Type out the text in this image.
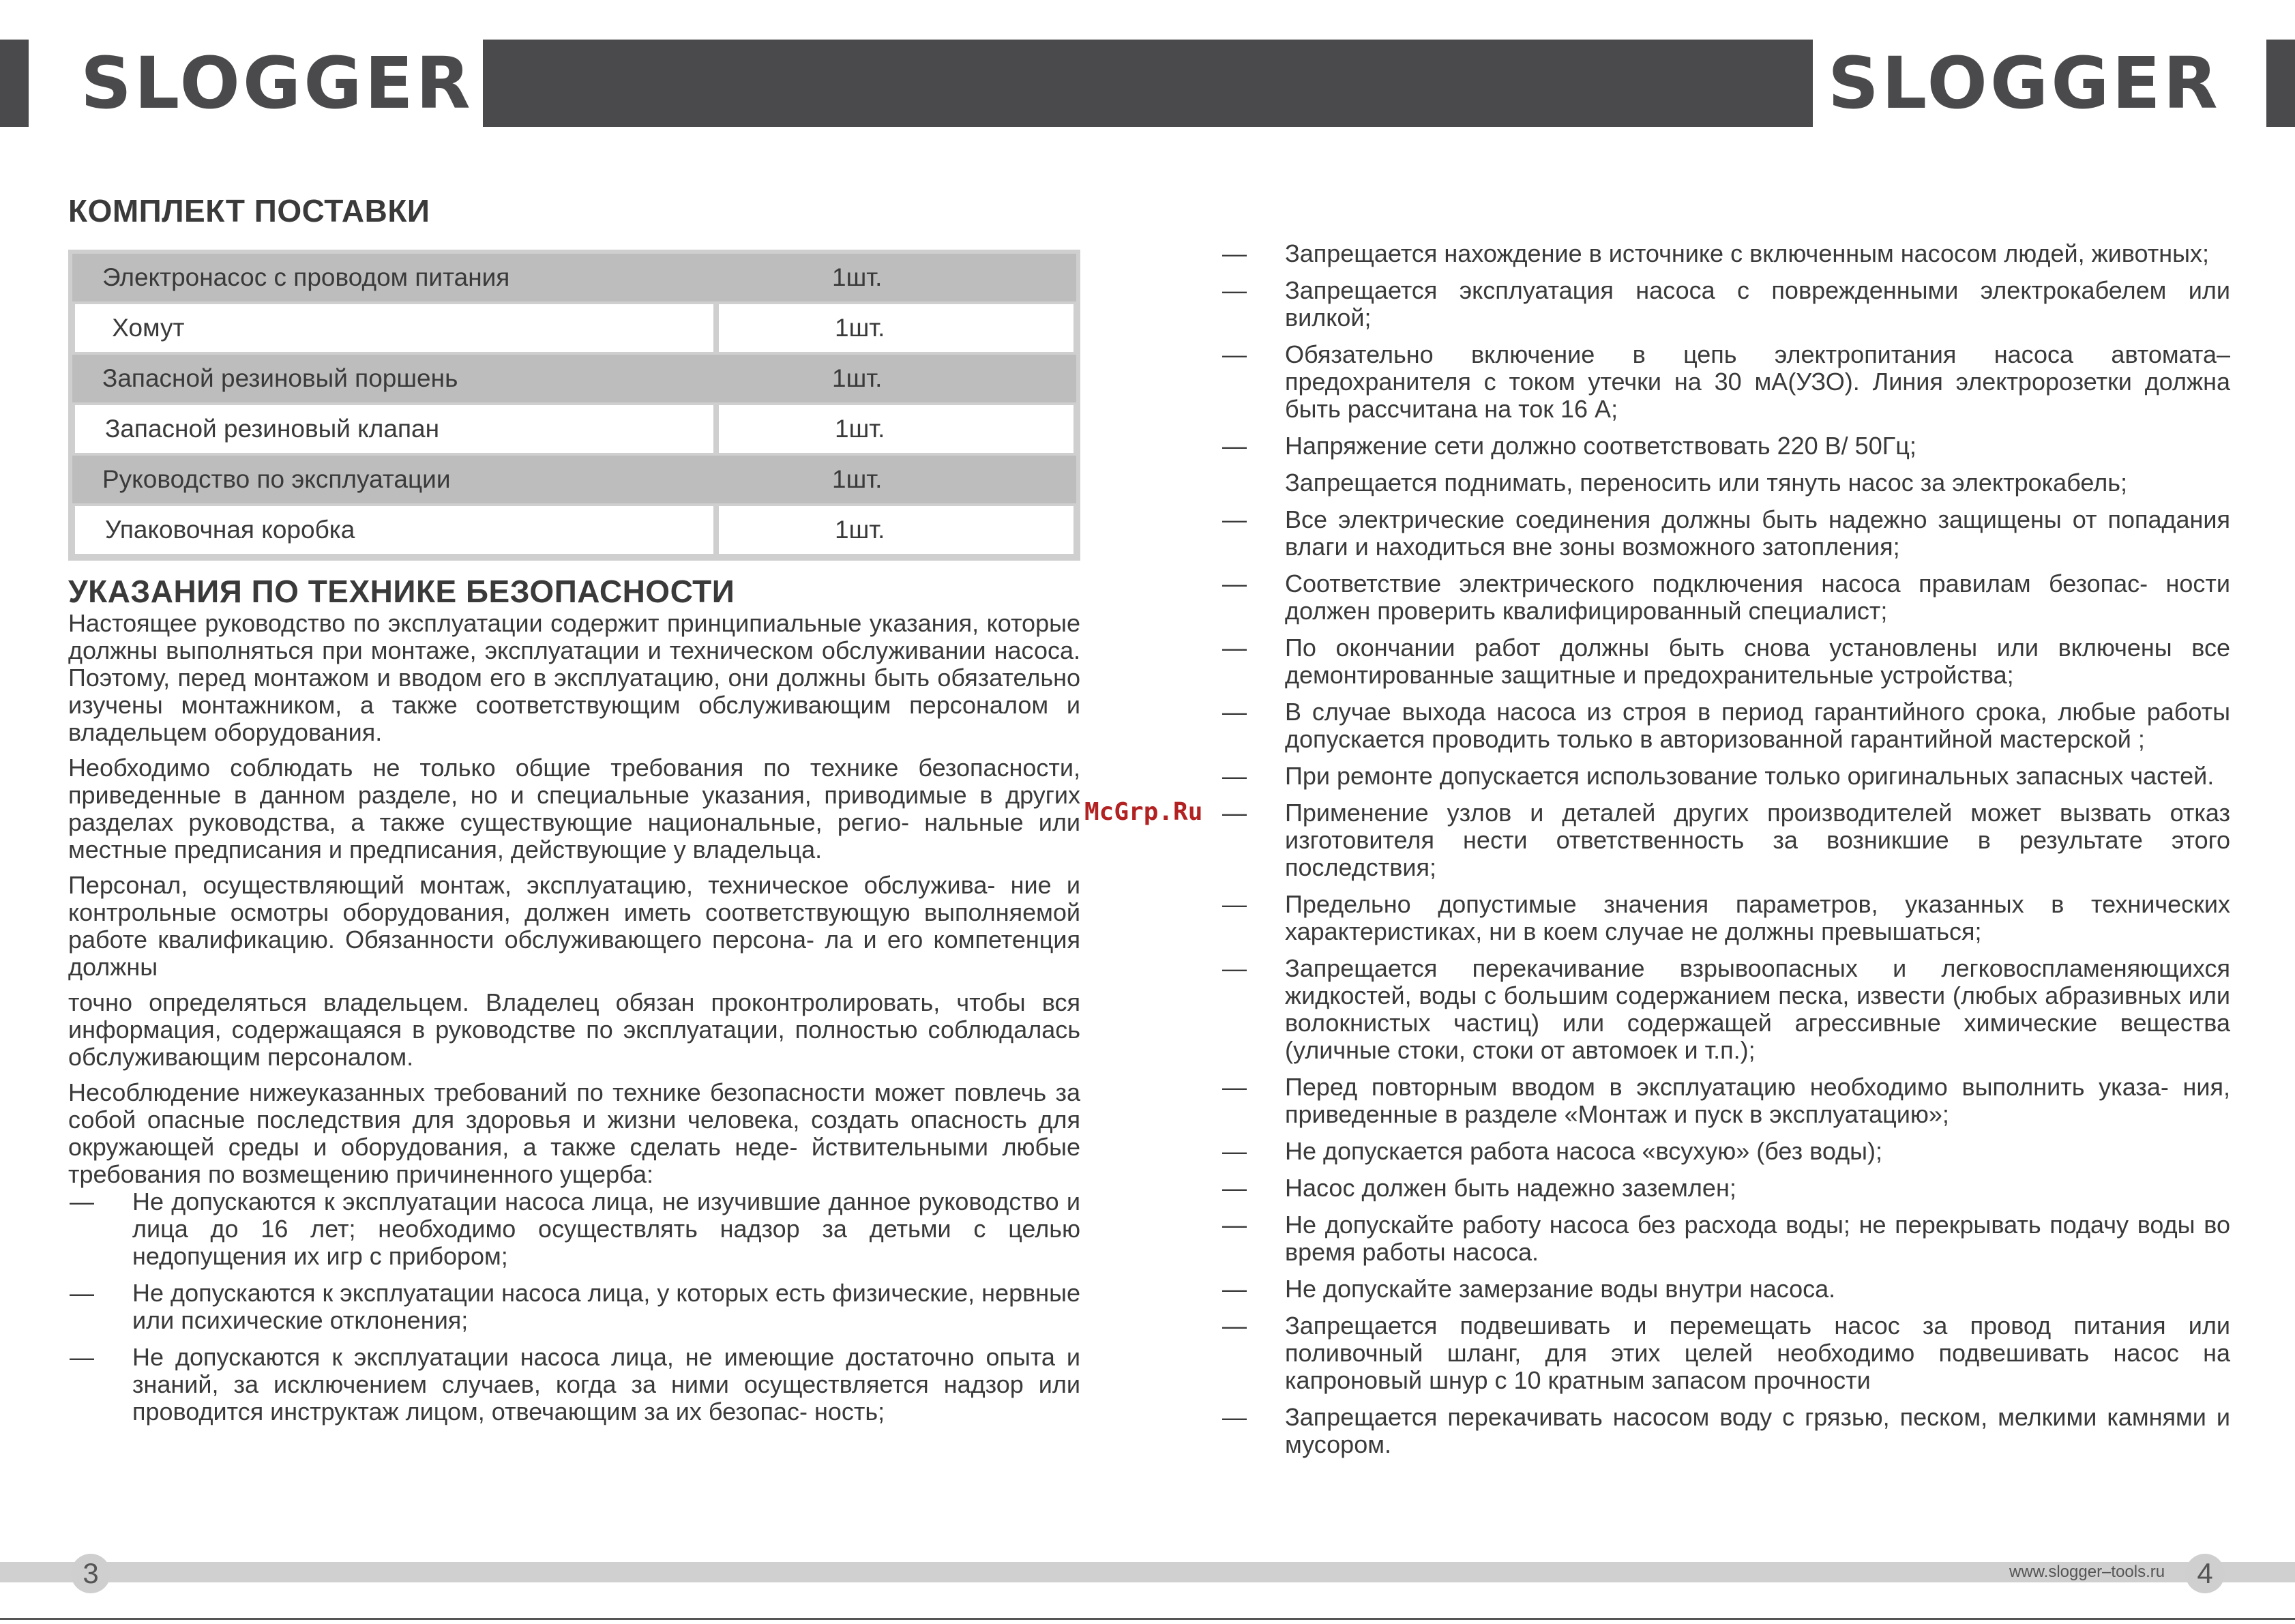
SLOGGER	SLOGGER
КОМПЛЕКТ ПОСТАВКИ
Электронасос с проводом питания	1шт.
Хомут	1шт.
Запасной резиновый поршень	1шт.
Запасной резиновый клапан	1шт.
Руководство по эксплуатации	1шт.
Упаковочная коробка	1шт.
УКАЗАНИЯ ПО ТЕХНИКЕ БЕЗОПАСНОСТИ

Настоящее руководство по эксплуатации содержит принципиальные указания, которые должны выполняться при монтаже, эксплуатации и техническом обслуживании насоса. Поэтому, перед монтажом и вводом его в эксплуатацию, они должны быть обязательно изучены монтажником, а также соответствующим обслуживающим персоналом и владельцем оборудования.

Необходимо соблюдать не только общие требования по технике безопасности, приведенные в данном разделе, но и специальные указания, приводимые в других разделах руководства, а также существующие национальные, регио- нальные или местные предписания и предписания, действующие у владельца.

Персонал, осуществляющий монтаж, эксплуатацию, техническое обслужива- ние и контрольные осмотры оборудования, должен иметь соответствующую выполняемой работе квалификацию. Обязанности обслуживающего персона- ла и его компетенция должны

точно определяться владельцем. Владелец обязан проконтролировать, чтобы вся информация, содержащаяся в руководстве по эксплуатации, полностью соблюдалась обслуживающим персоналом.

Несоблюдение нижеуказанных требований по технике безопасности может повлечь за собой опасные последствия для здоровья и жизни человека, создать опасность для окружающей среды и оборудования, а также сделать неде- йствительными любые требования по возмещению причиненного ущерба:

— Не допускаются к эксплуатации насоса лица, не изучившие данное руководство и лица до 16 лет; необходимо осуществлять надзор за детьми с целью недопущения их игр с прибором;
— Не допускаются к эксплуатации насоса лица, у которых есть физические, нервные или психические отклонения;
— Не допускаются к эксплуатации насоса лица, не имеющие достаточно опыта и знаний, за исключением случаев, когда за ними осуществляется надзор или проводится инструктаж лицом, отвечающим за их безопас- ность;
McGrp.Ru
— Запрещается нахождение в источнике с включенным насосом людей, животных;
— Запрещается эксплуатация насоса с поврежденными электрокабелем или вилкой;
— Обязательно включение в цепь электропитания насоса автомата– предохранителя с током утечки на 30 мА(УЗО). Линия электророзетки должна быть рассчитана на ток 16 А;
— Напряжение сети должно соответствовать 220 В/ 50Гц;
Запрещается поднимать, переносить или тянуть насос за электрокабель;
— Все электрические соединения должны быть надежно защищены от попадания влаги и находиться вне зоны возможного затопления;
— Соответствие электрического подключения насоса правилам безопас- ности должен проверить квалифицированный специалист;
— По окончании работ должны быть снова установлены или включены все демонтированные защитные и предохранительные устройства;
— В случае выхода насоса из строя в период гарантийного срока, любые работы допускается проводить только в авторизованной гарантийной мастерской ;
— При ремонте допускается использование только оригинальных запасных частей.
— Применение узлов и деталей других производителей может вызвать отказ изготовителя нести ответственность за возникшие в результате этого последствия;
— Предельно допустимые значения параметров, указанных в технических характеристиках, ни в коем случае не должны превышаться;
— Запрещается перекачивание взрывоопасных и легковоспламеняющихся жидкостей, воды с большим содержанием песка, извести (любых абразивных или волокнистых частиц) или содержащей агрессивные химические вещества (уличные стоки, стоки от автомоек и т.п.);
— Перед повторным вводом в эксплуатацию необходимо выполнить указа- ния, приведенные в разделе «Монтаж и пуск в эксплуатацию»;
— Не допускается работа насоса «всухую» (без воды);
— Насос должен быть надежно заземлен;
— Не допускайте работу насоса без расхода воды; не перекрывать подачу воды во время работы насоса.
— Не допускайте замерзание воды внутри насоса.
— Запрещается подвешивать и перемещать насос за провод питания или поливочный шланг, для этих целей необходимо подвешивать насос на капроновый шнур с 10 кратным запасом прочности
— Запрещается перекачивать насосом воду с грязью, песком, мелкими камнями и мусором.
3	www.slogger–tools.ru	4
